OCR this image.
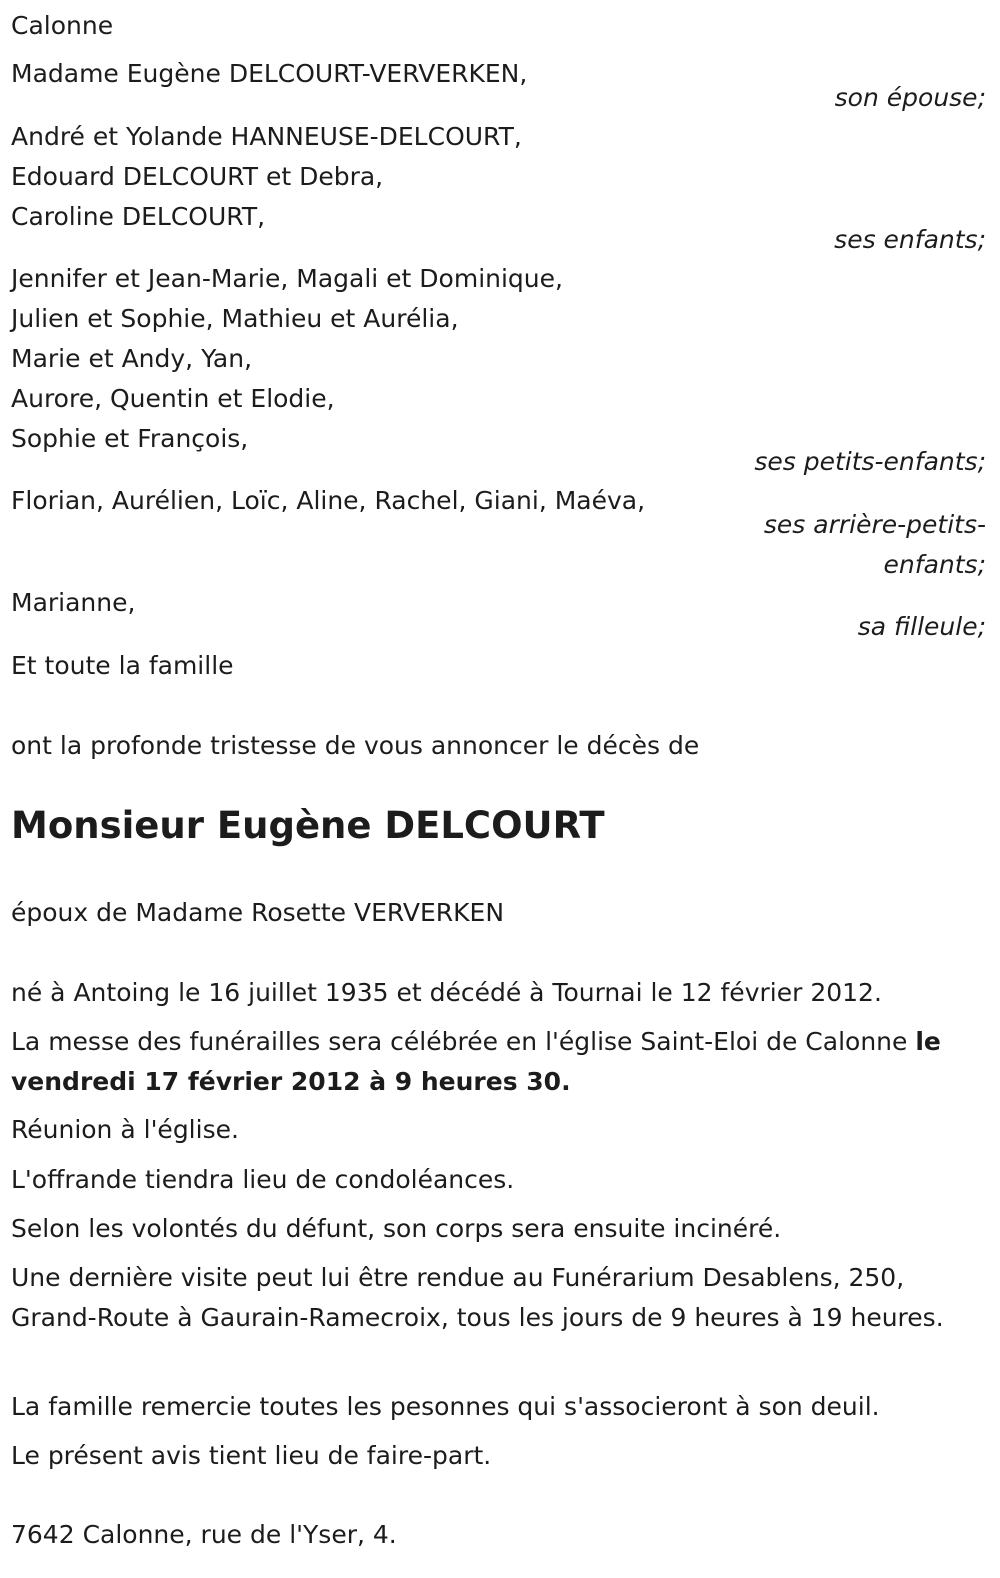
Calonne
Madame Eugène DELCOURT-VERVERKEN,
son épouse;
André et Yolande HANNEUSE-DELCOURT,
Edouard DELCOURT et Debra,
Caroline DELCOURT,
ses enfants;
Jennifer et Jean-Marie, Magali et Dominique,
Julien et Sophie, Mathieu et Aurélia,
Marie et Andy, Yan,
Aurore, Quentin et Elodie,
Sophie et François,
ses petits-enfants;
Florian, Aurélien, Loïc, Aline, Rachel, Giani, Maéva,
ses arrière-petits-enfants;
Marianne,
sa filleule;
Et toute la famille
ont la profonde tristesse de vous annoncer le décès de
Monsieur Eugène DELCOURT
époux de Madame Rosette VERVERKEN
né à Antoing le 16 juillet 1935 et décédé à Tournai le 12 février 2012.
La messe des funérailles sera célébrée en l'église Saint-Eloi de Calonne le vendredi 17 février 2012 à 9 heures 30.
Réunion à l'église.
L'offrande tiendra lieu de condoléances.
Selon les volontés du défunt, son corps sera ensuite incinéré.
Une dernière visite peut lui être rendue au Funérarium Desablens, 250, Grand-Route à Gaurain-Ramecroix, tous les jours de 9 heures à 19 heures.
La famille remercie toutes les pesonnes qui s'associeront à son deuil.
Le présent avis tient lieu de faire-part.
7642 Calonne, rue de l'Yser, 4.
